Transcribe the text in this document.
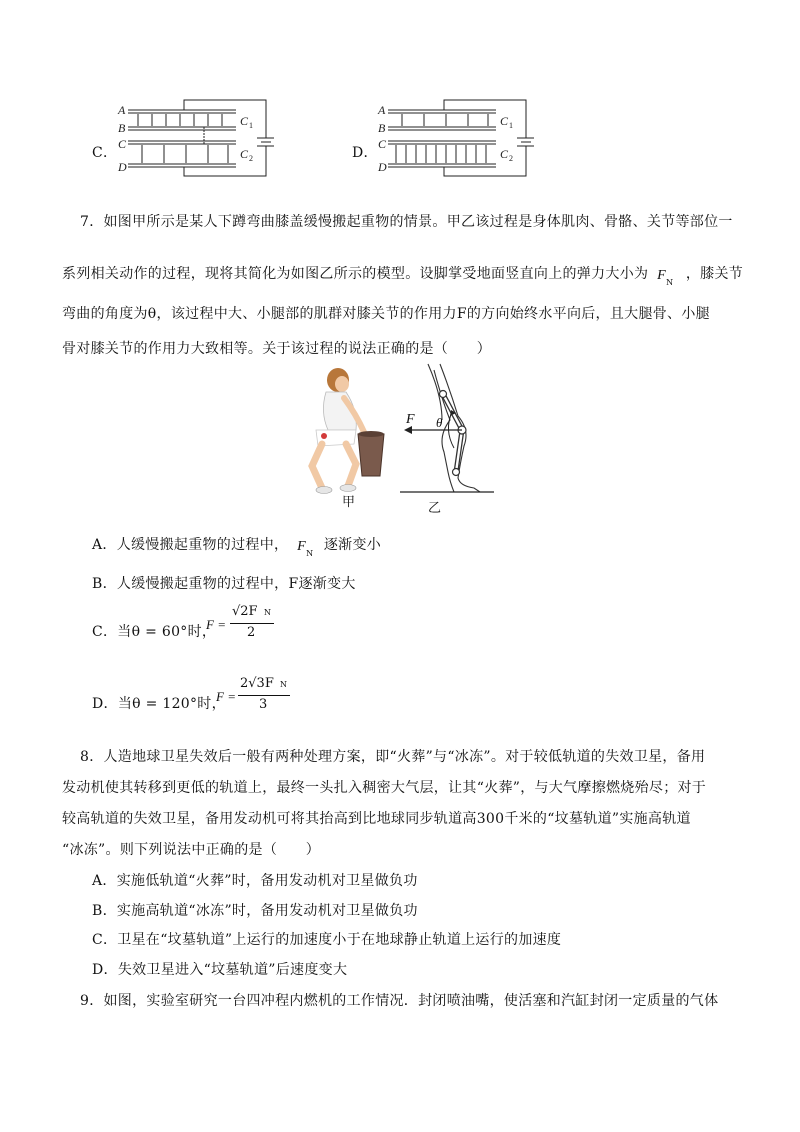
C．
A
B
C
D
C 1
C 2	D．
A
B
C
D
C 1
C 2
7．如图甲所示是某人下蹲弯曲膝盖缓慢搬起重物的情景。甲乙该过程是身体肌肉、骨骼、关节等部位一
系列相关动作的过程，现将其简化为如图乙所示的模型。设脚掌受地面竖直向上的弹力大小为 F N
，膝关节
弯曲的角度为θ，该过程中大、小腿部的肌群对膝关节的作用力F的方向始终水平向后，且大腿骨、小腿
骨对膝关节的作用力大致相等。关于该过程的说法正确的是（　　）
甲
F θ
乙
A．人缓慢搬起重物的过程中， F N
逐渐变小
B．人缓慢搬起重物的过程中，F逐渐变大
C．当θ = 60°时，
F =
√2F N
2
D．当θ = 120°时，
F =
2√3F N
3
8．人造地球卫星失效后一般有两种处理方案，即“火葬”与“冰冻”。对于较低轨道的失效卫星，备用
发动机使其转移到更低的轨道上，最终一头扎入稠密大气层，让其“火葬”，与大气摩擦燃烧殆尽；对于
较高轨道的失效卫星，备用发动机可将其抬高到比地球同步轨道高300千米的“坟墓轨道”实施高轨道
“冰冻”。则下列说法中正确的是（　　）
A．实施低轨道“火葬”时，备用发动机对卫星做负功
B．实施高轨道“冰冻”时，备用发动机对卫星做负功
C．卫星在“坟墓轨道”上运行的加速度小于在地球静止轨道上运行的加速度
D．失效卫星进入“坟墓轨道”后速度变大
9．如图，实验室研究一台四冲程内燃机的工作情况．封闭喷油嘴，使活塞和汽缸封闭一定质量的气体
